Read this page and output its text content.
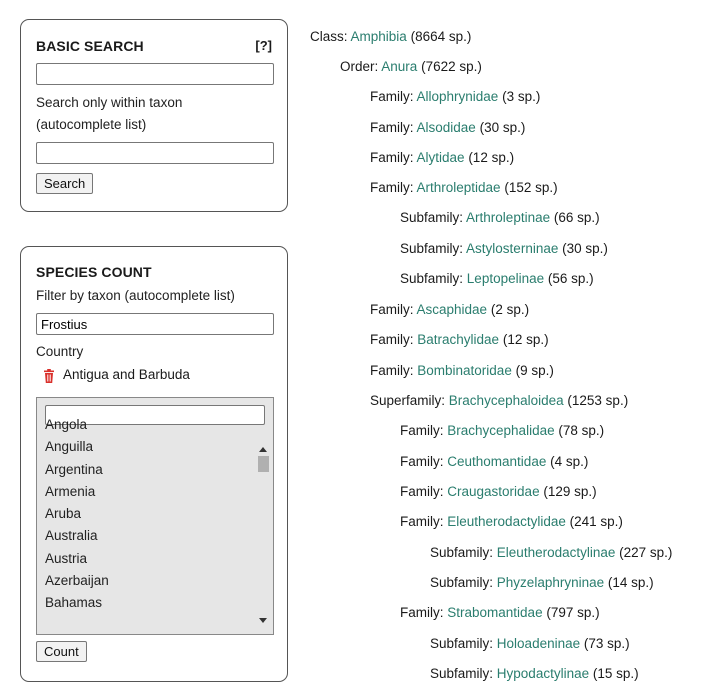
BASIC SEARCH	[?]
Search only within taxon
(autocomplete list)
Search
SPECIES COUNT
Filter by taxon (autocomplete list)
Frostius
Country
Antigua and Barbuda
Angola
Anguilla
Argentina
Armenia
Aruba
Australia
Austria
Azerbaijan
Bahamas
Count
Class: Amphibia (8664 sp.)
Order: Anura (7622 sp.)
Family: Allophrynidae (3 sp.)
Family: Alsodidae (30 sp.)
Family: Alytidae (12 sp.)
Family: Arthroleptidae (152 sp.)
Subfamily: Arthroleptinae (66 sp.)
Subfamily: Astylosterninae (30 sp.)
Subfamily: Leptopelinae (56 sp.)
Family: Ascaphidae (2 sp.)
Family: Batrachylidae (12 sp.)
Family: Bombinatoridae (9 sp.)
Superfamily: Brachycephaloidea (1253 sp.)
Family: Brachycephalidae (78 sp.)
Family: Ceuthomantidae (4 sp.)
Family: Craugastoridae (129 sp.)
Family: Eleutherodactylidae (241 sp.)
Subfamily: Eleutherodactylinae (227 sp.)
Subfamily: Phyzelaphryninae (14 sp.)
Family: Strabomantidae (797 sp.)
Subfamily: Holoadeninae (73 sp.)
Subfamily: Hypodactylinae (15 sp.)
